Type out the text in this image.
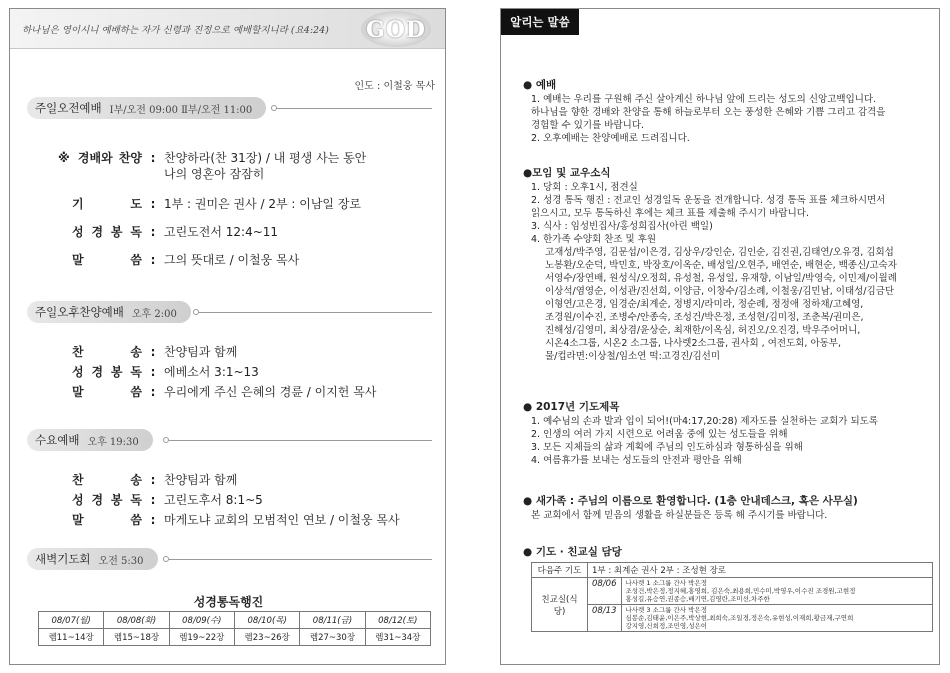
하나님은 영이시니 예배하는 자가 신령과 진정으로 예배할지니라 (요4:24) GOD
인도 : 이철웅 목사
주일오전예배 Ⅰ부/오전 09:00 Ⅱ부/오전 11:00
※ 경배와 찬양 : 찬양하라(찬 31장) / 내 평생 사는 동안
나의 영혼아 잠잠히
기 도 : 1부 : 권미은 권사 / 2부 : 이남일 장로
성 경 봉 독 : 고린도전서 12:4~11
말 씀 : 그의 뜻대로 / 이철웅 목사
주일오후찬양예배 오후 2:00
찬 송 : 찬양팀과 함께
성 경 봉 독 : 에베소서 3:1~13
말 씀 : 우리에게 주신 은혜의 경륜 / 이지헌 목사
수요예배 오후 19:30
찬 송 : 찬양팀과 함께
성 경 봉 독 : 고린도후서 8:1~5
말 씀 : 마게도냐 교회의 모범적인 연보 / 이철웅 목사
새벽기도회 오전 5:30
성경통독행진
08/07(월)	08/08(화)	08/09(수)	08/10(목)	08/11(금)	08/12(토)
렘11~14장	렘15~18장	렘19~22장	렘23~26장	렘27~30장	렘31~34장
알리는 말씀
● 예배
1. 예배는 우리를 구원해 주신 살아계신 하나님 앞에 드리는 성도의 신앙고백입니다.
하나님을 향한 경배와 찬양을 통해 하늘로부터 오는 풍성한 은혜와 기쁨 그리고 감격을
경험할 수 있기를 바랍니다.
2. 오후예배는 찬양예배로 드려집니다.
●모임 및 교우소식
1. 당회 : 오후1시, 점견실
2. 성경 통독 행진 : 전교인 성경일독 운동을 전개합니다. 성경 통독 표를 체크하시면서
읽으시고, 모두 통독하신 후에는 체크 표를 제출해 주시기 바랍니다.
3. 식사 : 임성빈집사/홍성희집사(아린 백일)
4. 한가족 수양회 찬조 및 후원
고재성/박주영, 김문섭/이은경, 김상우/강인순, 김인순, 김진권,김태연/오유경, 김회섭
노봉환/오순덕, 박민호, 박장호/이옥순, 배성일/오현주, 배연순, 배현순, 백종신/고숙자
서영수/장연배, 원성식/오정희, 유성철, 유성일, 유재향, 이남일/박영숙, 이민제/이월례
이상석/염영순, 이성관/진선희, 이양금, 이창수/김소례, 이철웅/김민남, 이태성/김금단
이형연/고은경, 임경순/최계순, 정병지/라미라, 정순례, 정정애 정하채/고혜영,
조경원/이수진, 조병수/안종숙, 조성건/박은정, 조성현/김미정, 조춘복/권미은,
진해성/김영미, 최상겸/윤상순, 최재한/이옥심, 허진오/오진경, 박우주어머니,
시온4소그룹, 시온2 소그룹, 나사렛2소그룹, 권사회 , 여전도회, 아동부,
물/컵라면:이상철/임소연 떡:고경진/김선미
● 2017년 기도제목
1. 예수님의 손과 발과 입이 되어!(마4:17,20:28) 제자도를 실천하는 교회가 되도록
2. 인생의 여러 가지 시련으로 어려움 중에 있는 성도들을 위해
3. 모든 지체들의 삶과 계획에 주님의 인도하심과 형통하심을 위해
4. 여름휴가를 보내는 성도들의 안전과 평안을 위해
● 새가족 : 주님의 이름으로 환영합니다. (1층 안내데스크, 혹은 사무실)
본 교회에서 함께 믿음의 생활을 하실분들은 등록 해 주시기를 바랍니다.
● 기도 · 친교실 담당
다음주 기도	1부 : 최계순 권사 2부 : 조성현 장로	
친교실(식당)	08/06	나사렛 1 소그룹 간사 박은정
조성건,박은정,정지혜,홍영희, 김은숙,최용희,민수미,박영우,이수진 조경원,고현정
홍성길,유승연,권종승,배기연,김영란,조미선,차주한
	08/13	나사렛 3 소그룹 간사 박은정
심봉순,김태윤,이은주,박상현,최희숙,조일경,정은숙,유현성,이재희,황금재,구연희
강지영,신희정,조민영,성은이
